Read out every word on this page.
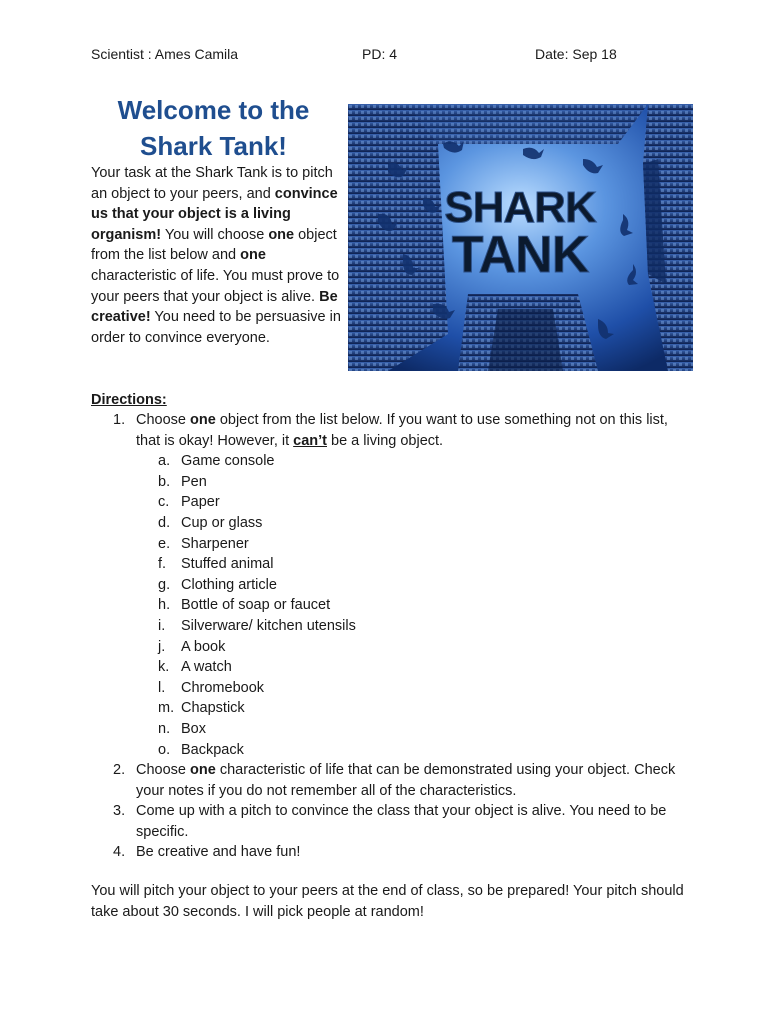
Scientist : Ames Camila	PD: 4	Date: Sep 18
Welcome to the
Shark Tank!

Your task at the Shark Tank is to pitch an object to your peers, and convince us that your object is a living organism! You will choose one object from the list below and one characteristic of life. You must prove to your peers that your object is alive. Be creative! You need to be persuasive in order to convince everyone.

SHARK
TANK
Directions:
1. Choose one object from the list below. If you want to use something not on this list, that is okay! However, it can’t be a living object.
a. Game console
b. Pen
c. Paper
d. Cup or glass
e. Sharpener
f. Stuffed animal
g. Clothing article
h. Bottle of soap or faucet
i. Silverware/ kitchen utensils
j. A book
k. A watch
l. Chromebook
m. Chapstick
n. Box
o. Backpack
2. Choose one characteristic of life that can be demonstrated using your object. Check your notes if you do not remember all of the characteristics.
3. Come up with a pitch to convince the class that your object is alive. You need to be specific.
4. Be creative and have fun!

You will pitch your object to your peers at the end of class, so be prepared! Your pitch should take about 30 seconds. I will pick people at random!
